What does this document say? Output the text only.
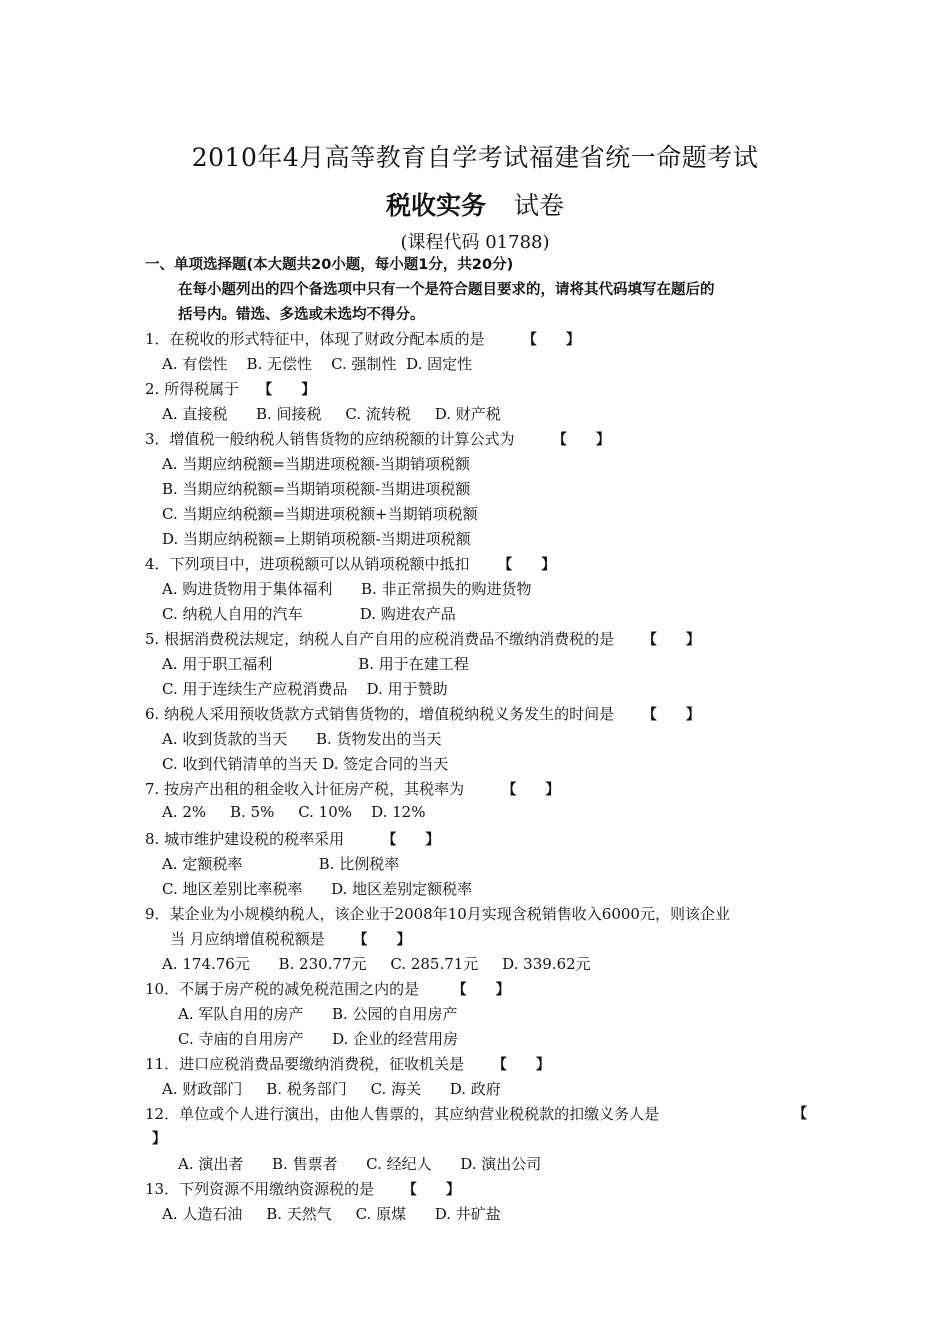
2010年4月高等教育自学考试福建省统一命题考试
税收实务 试卷
(课程代码 01788)
一、单项选择题(本大题共20小题，每小题1分，共20分)
在每小题列出的四个备选项中只有一个是符合题目要求的，请将其代码填写在题后的
括号内。错选、多选或未选均不得分。
1．在税收的形式特征中，体现了财政分配本质的是	【      】
A. 有偿性    B. 无偿性    C. 强制性  D. 固定性
2. 所得税属于 【      】
A. 直接税      B. 间接税     C. 流转税     D. 财产税
3．增值税一般纳税人销售货物的应纳税额的计算公式为	【      】
A. 当期应纳税额=当期进项税额-当期销项税额
B. 当期应纳税额=当期销项税额-当期进项税额
C. 当期应纳税额=当期进项税额+当期销项税额
D. 当期应纳税额=上期销项税额-当期进项税额
4．下列项目中，进项税额可以从销项税额中抵扣 【      】
A. 购进货物用于集体福利      B. 非正常损失的购进货物
C. 纳税人自用的汽车            D. 购进农产品
5. 根据消费税法规定，纳税人自产自用的应税消费品不缴纳消费税的是 【      】
A. 用于职工福利                  B. 用于在建工程
C. 用于连续生产应税消费品    D. 用于赞助
6. 纳税人采用预收货款方式销售货物的，增值税纳税义务发生的时间是 【      】
A. 收到货款的当天      B. 货物发出的当天
C. 收到代销清单的当天 D. 签定合同的当天
7. 按房产出租的租金收入计征房产税，其税率为	【      】
A. 2%     B. 5%     C. 10%    D. 12%
8. 城市维护建设税的税率采用	【      】
A. 定额税率                B. 比例税率
C. 地区差别比率税率      D. 地区差别定额税率
9．某企业为小规模纳税人，该企业于2008年10月实现含税销售收入6000元，则该企业
当 月应纳增值税税额是 【      】
A. 174.76元      B. 230.77元     C. 285.71元     D. 339.62元
10．不属于房产税的减免税范围之内的是 【      】
A. 军队自用的房产      B. 公园的自用房产
C. 寺庙的自用房产      D. 企业的经营用房
11．进口应税消费品要缴纳消费税，征收机关是 【      】
A. 财政部门     B. 税务部门     C. 海关      D. 政府
12．单位或个人进行演出，由他人售票的，其应纳营业税税款的扣缴义务人是	【
】
A. 演出者      B. 售票者      C. 经纪人      D. 演出公司
13．下列资源不用缴纳资源税的是 【      】
A. 人造石油     B. 天然气     C. 原煤      D. 井矿盐
